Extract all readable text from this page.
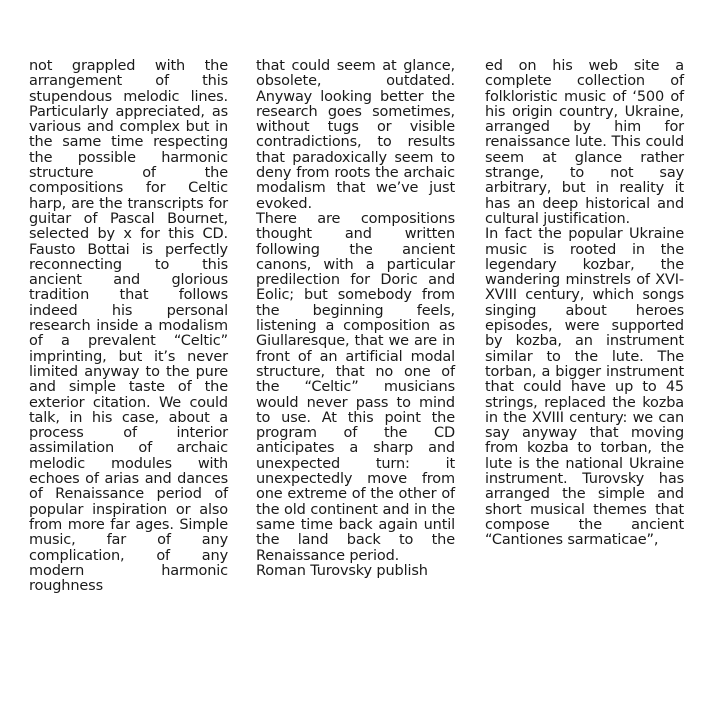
not grappled with the arrangement of this stupendous melodic lines. Particularly appreciated, as various and complex but in the same time respecting the possible harmonic structure of the compositions for Celtic harp, are the transcripts for guitar of Pascal Bournet, selected by x for this CD. Fausto Bottai is perfectly reconnecting to this ancient and glorious tradition that follows indeed his personal research inside a modalism of a prevalent “Celtic” imprinting, but it’s never limited anyway to the pure and simple taste of the exterior citation. We could talk, in his case, about a process of interior assimilation of archaic melodic modules with echoes of arias and dances of Renaissance period of popular inspiration or also from more far ages. Simple music, far of any complication, of any modern harmonic roughness

that could seem at glance, obsolete, outdated. Anyway looking better the research goes sometimes, without tugs or visible contradictions, to results that paradoxically seem to deny from roots the archaic modalism that we’ve just evoked.

There are compositions thought and written following the ancient canons, with a particular predilection for Doric and Eolic; but somebody from the beginning feels, listening a composition as Giullaresque, that we are in front of an artificial modal structure, that no one of the “Celtic” musicians would never pass to mind to use. At this point the program of the CD anticipates a sharp and unexpected turn: it unexpectedly move from one extreme of the other of the old continent and in the same time back again until the land back to the Renaissance period.

Roman Turovsky publish

ed on his web site a complete collection of folkloristic music of ‘500 of his origin country, Ukraine, arranged by him for renaissance lute. This could seem at glance rather strange, to not say arbitrary, but in reality it has an deep historical and cultural justification.

In fact the popular Ukraine music is rooted in the legendary kozbar, the wandering minstrels of XVI-XVIII century, which songs singing about heroes episodes, were supported by kozba, an instrument similar to the lute. The torban, a bigger instrument that could have up to 45 strings, replaced the kozba in the XVIII century: we can say anyway that moving from kozba to torban, the lute is the national Ukraine instrument. Turovsky has arranged the simple and short musical themes that compose the ancient “Cantiones sarmaticae”,
